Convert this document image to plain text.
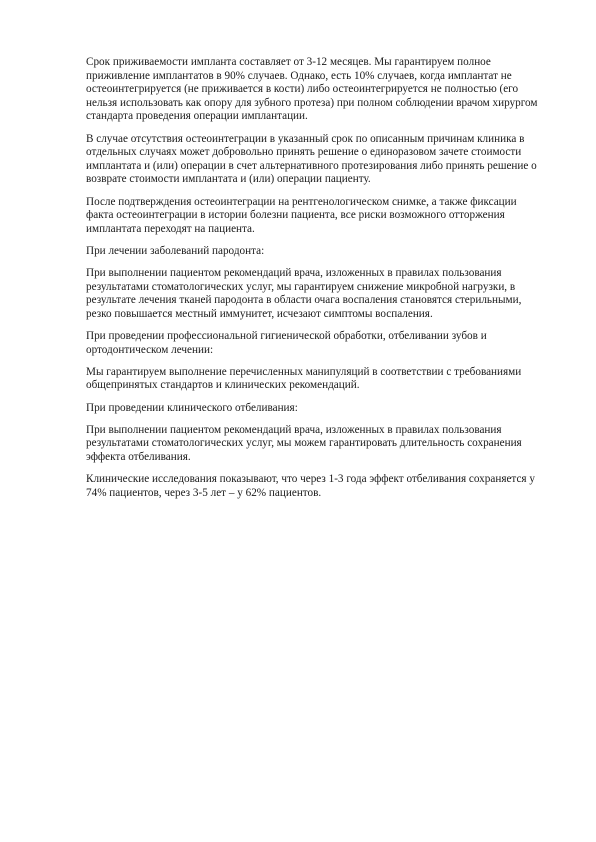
Срок приживаемости импланта составляет от 3-12 месяцев. Мы гарантируем полное приживление имплантатов в 90% случаев. Однако, есть 10% случаев, когда имплантат не остеоинтегрируется (не приживается в кости) либо остеоинтегрируется не полностью (его нельзя использовать как опору для зубного протеза) при полном соблюдении врачом хирургом стандарта проведения операции имплантации.

В случае отсутствия остеоинтеграции в указанный срок по описанным причинам клиника в отдельных случаях может добровольно принять решение о единоразовом зачете стоимости имплантата и (или) операции в счет альтернативного протезирования либо принять решение о возврате стоимости имплантата и (или) операции пациенту.

После подтверждения остеоинтеграции на рентгенологическом снимке, а также фиксации факта остеоинтеграции в истории болезни пациента, все риски возможного отторжения имплантата переходят на пациента.

При лечении заболеваний пародонта:

При выполнении пациентом рекомендаций врача, изложенных в правилах пользования результатами стоматологических услуг, мы гарантируем снижение микробной нагрузки, в результате лечения тканей пародонта в области очага воспаления становятся стерильными, резко повышается местный иммунитет, исчезают симптомы воспаления.

При проведении профессиональной гигиенической обработки, отбеливании зубов и ортодонтическом лечении:

Мы гарантируем выполнение перечисленных манипуляций в соответствии с требованиями общепринятых стандартов и клинических рекомендаций.

При проведении клинического отбеливания:

При выполнении пациентом рекомендаций врача, изложенных в правилах пользования результатами стоматологических услуг, мы можем гарантировать длительность сохранения эффекта отбеливания.

Клинические исследования показывают, что через 1-3 года эффект отбеливания сохраняется у 74% пациентов, через 3-5 лет – у 62% пациентов.
